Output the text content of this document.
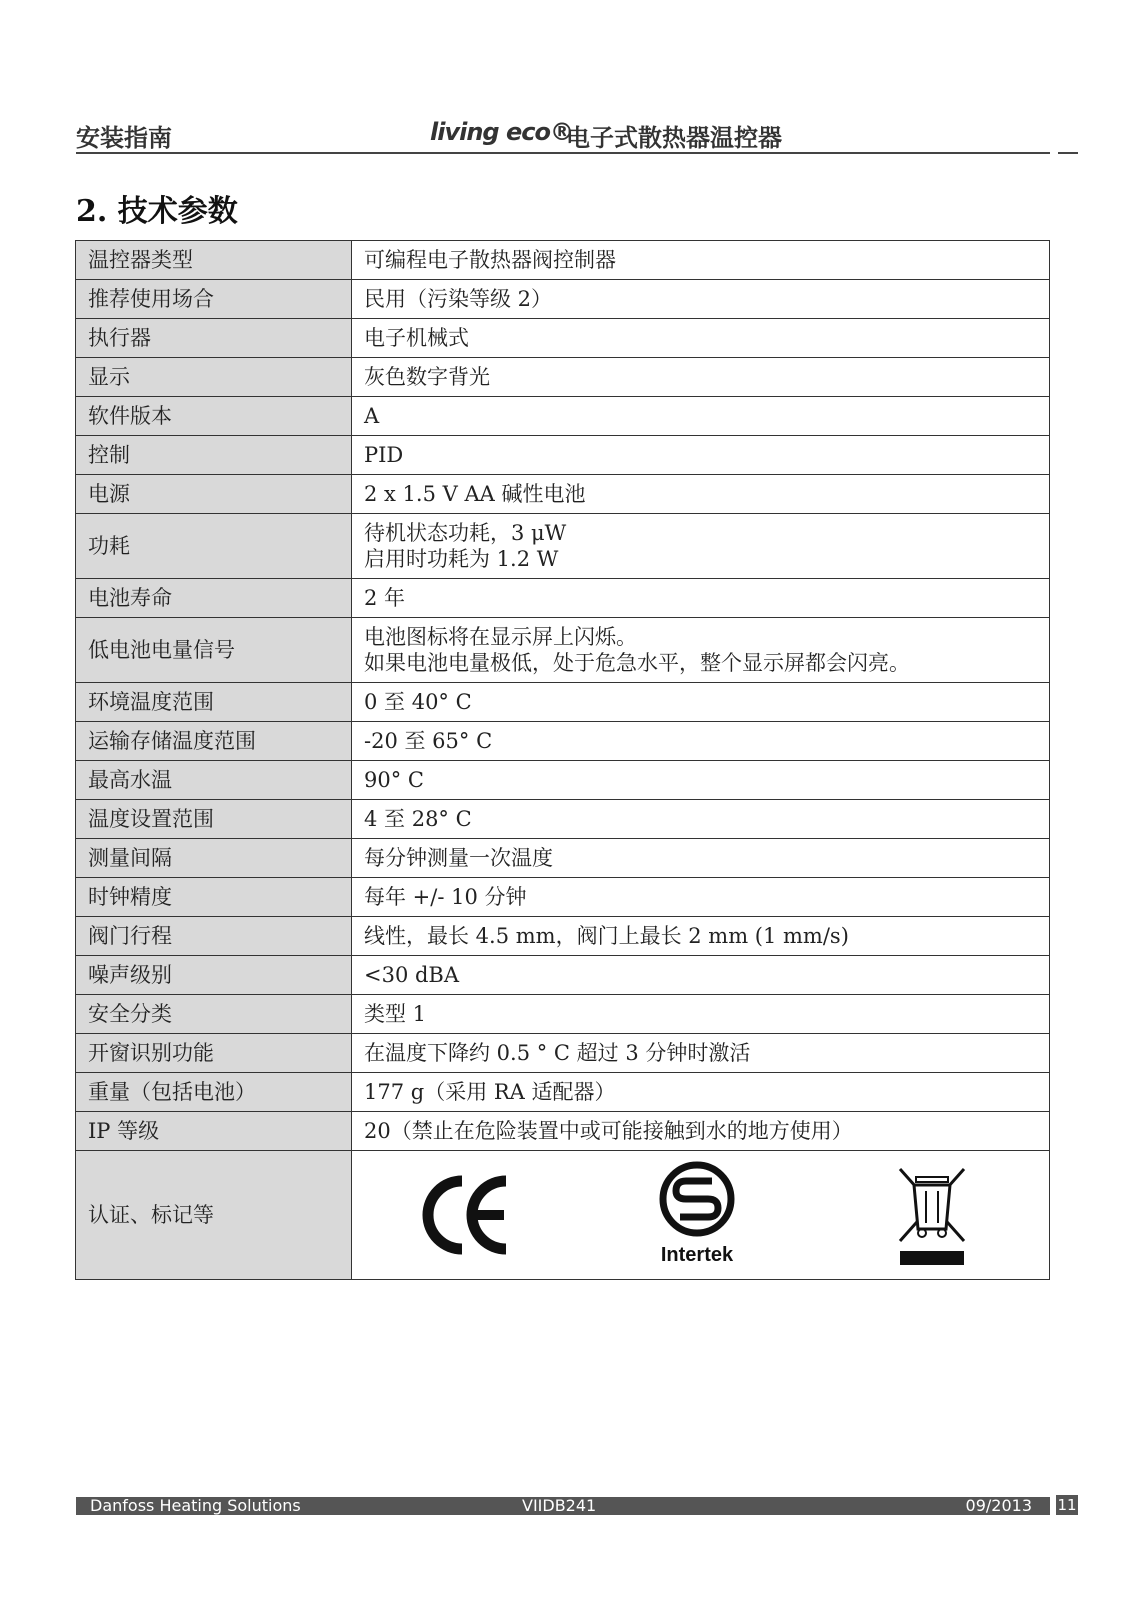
安装指南	living eco®
电子式散热器温控器
2. 技术参数
温控器类型	可编程电子散热器阀控制器
推荐使用场合	民用（污染等级 2）
执行器	电子机械式
显示	灰色数字背光
软件版本	A
控制	PID
电源	2 x 1.5 V AA 碱性电池
功耗	待机状态功耗，3 μW
启用时功耗为 1.2 W

电池寿命	2 年
低电池电量信号	电池图标将在显示屏上闪烁。
如果电池电量极低，处于危急水平，整个显示屏都会闪亮。

环境温度范围	0 至 40° C
运输存储温度范围	-20 至 65° C
最高水温	90° C
温度设置范围	4 至 28° C
测量间隔	每分钟测量一次温度
时钟精度	每年 +/- 10 分钟
阀门行程	线性，最长 4.5 mm，阀门上最长 2 mm (1 mm/s)
噪声级别	<30 dBA
安全分类	类型 1
开窗识别功能	在温度下降约 0.5 ° C 超过 3 分钟时激活
重量（包括电池）	177 g（采用 RA 适配器）
IP 等级	20（禁止在危险装置中或可能接触到水的地方使用）
认证、标记等	Intertek
Danfoss Heating Solutions	VIIDB241	09/2013 11
